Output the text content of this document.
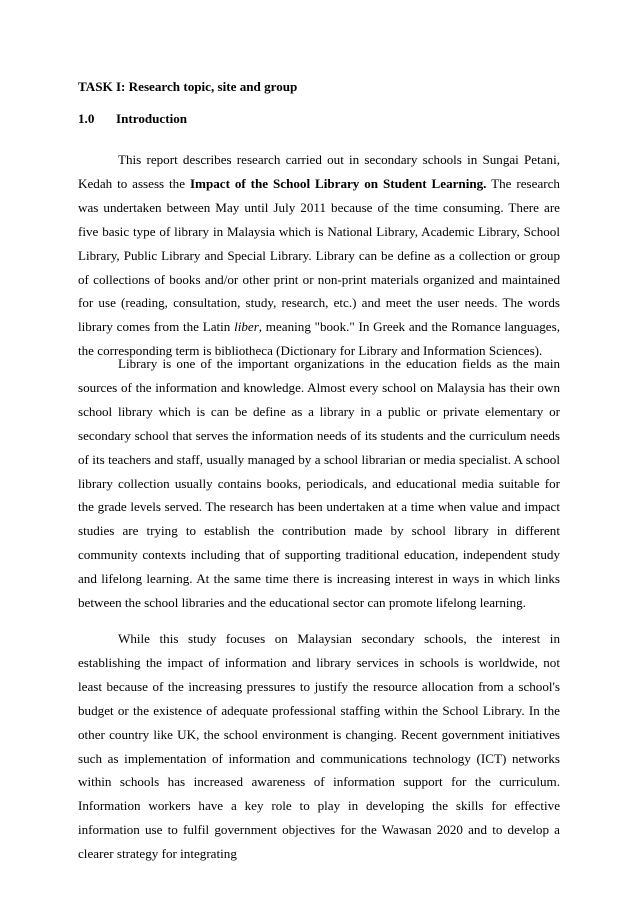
TASK I: Research topic, site and group

1.0 Introduction

This report describes research carried out in secondary schools in Sungai Petani, Kedah to assess the Impact of the School Library on Student Learning. The research was undertaken between May until July 2011 because of the time consuming. There are five basic type of library in Malaysia which is National Library, Academic Library, School Library, Public Library and Special Library. Library can be define as a collection or group of collections of books and/or other print or non-print materials organized and maintained for use (reading, consultation, study, research, etc.) and meet the user needs. The words library comes from the Latin liber, meaning "book." In Greek and the Romance languages, the corresponding term is bibliotheca (Dictionary for Library and Information Sciences).

Library is one of the important organizations in the education fields as the main sources of the information and knowledge. Almost every school on Malaysia has their own school library which is can be define as a library in a public or private elementary or secondary school that serves the information needs of its students and the curriculum needs of its teachers and staff, usually managed by a school librarian or media specialist. A school library collection usually contains books, periodicals, and educational media suitable for the grade levels served. The research has been undertaken at a time when value and impact studies are trying to establish the contribution made by school library in different community contexts including that of supporting traditional education, independent study and lifelong learning. At the same time there is increasing interest in ways in which links between the school libraries and the educational sector can promote lifelong learning.

While this study focuses on Malaysian secondary schools, the interest in establishing the impact of information and library services in schools is worldwide, not least because of the increasing pressures to justify the resource allocation from a school's budget or the existence of adequate professional staffing within the School Library. In the other country like UK, the school environment is changing. Recent government initiatives such as implementation of information and communications technology (ICT) networks within schools has increased awareness of information support for the curriculum. Information workers have a key role to play in developing the skills for effective information use to fulfil government objectives for the Wawasan 2020 and to develop a clearer strategy for integrating
